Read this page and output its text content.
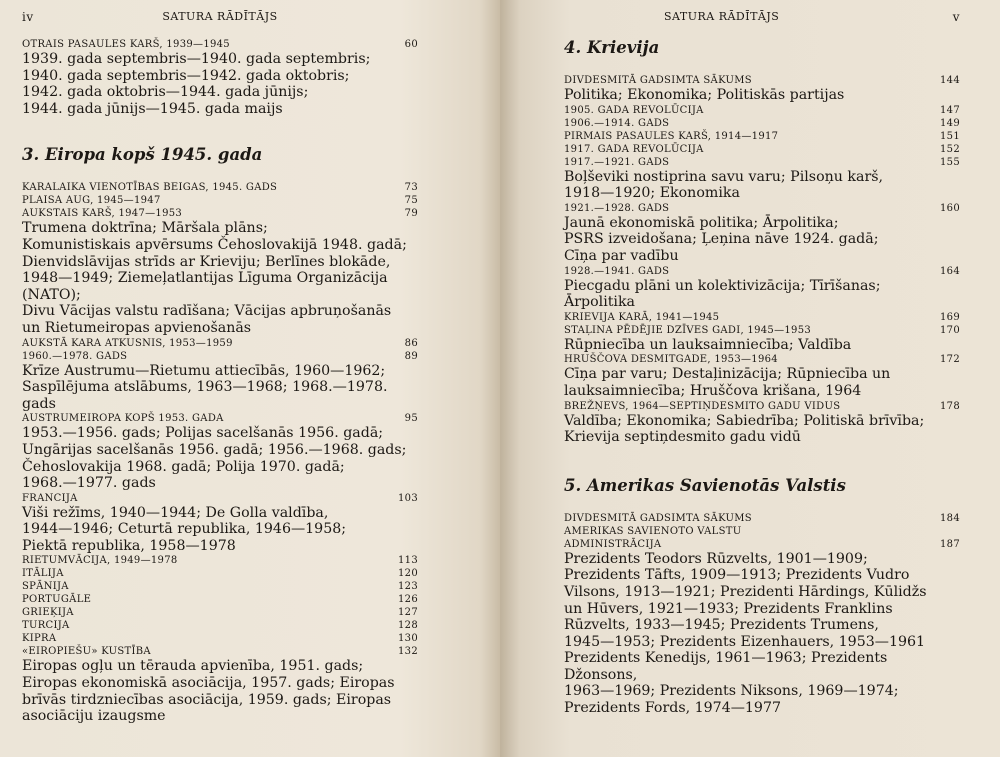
iv	SATURA RĀDĪTĀJS
OTRAIS PASAULES KARŠ, 1939—1945	60
1939. gada septembris—1940. gada septembris;
1940. gada septembris—1942. gada oktobris;
1942. gada oktobris—1944. gada jūnijs;
1944. gada jūnijs—1945. gada maijs
3. Eiropa kopš 1945. gada
KARALAIKA VIENOTĪBAS BEIGAS, 1945. GADS	73
PLAISA AUG, 1945—1947	75
AUKSTAIS KARŠ, 1947—1953	79
Trumena doktrīna; Māršala plāns;
Komunistiskais apvērsums Čehoslovakijā 1948. gadā;
Dienvidslāvijas strīds ar Krieviju; Berlīnes blokāde,
1948—1949; Ziemeļatlantijas Līguma Organizācija
(NATO);
Divu Vācijas valstu radīšana; Vācijas apbruņošanās
un Rietumeiropas apvienošanās
AUKSTĀ KARA ATKUSNIS, 1953—1959	86
1960.—1978. GADS	89
Krīze Austrumu—Rietumu attiecībās, 1960—1962;
Saspīlējuma atslābums, 1963—1968; 1968.—1978. gads
AUSTRUMEIROPA KOPŠ 1953. GADA	95
1953.—1956. gads; Polijas sacelšanās 1956. gadā;
Ungārijas sacelšanās 1956. gadā; 1956.—1968. gads;
Čehoslovakija 1968. gadā; Polija 1970. gadā;
1968.—1977. gads
FRANCIJA	103
Viši režīms, 1940—1944; De Golla valdība,
1944—1946; Ceturtā republika, 1946—1958;
Piektā republika, 1958—1978
RIETUMVĀCIJA, 1949—1978	113
ITĀLIJA	120
SPĀNIJA	123
PORTUGĀLE	126
GRIEĶIJA	127
TURCIJA	128
KIPRA	130
«EIROPIEŠU» KUSTĪBA	132
Eiropas ogļu un tērauda apvienība, 1951. gads;
Eiropas ekonomiskā asociācija, 1957. gads; Eiropas
brīvās tirdzniecības asociācija, 1959. gads; Eiropas
asociāciju izaugsme
SATURA RĀDĪTĀJS	v
4. Krievija
DIVDESMITĀ GADSIMTA SĀKUMS	144
Politika; Ekonomika; Politiskās partijas
1905. GADA REVOLŪCIJA	147
1906.—1914. GADS	149
PIRMAIS PASAULES KARŠ, 1914—1917	151
1917. GADA REVOLŪCIJA	152
1917.—1921. GADS	155
Boļševiki nostiprina savu varu; Pilsoņu karš,
1918—1920; Ekonomika
1921.—1928. GADS	160
Jaunā ekonomiskā politika; Ārpolitika;
PSRS izveidošana; Ļeņina nāve 1924. gadā;
Cīņa par vadību
1928.—1941. GADS	164
Piecgadu plāni un kolektivizācija; Tīrīšanas;
Ārpolitika
KRIEVIJA KARĀ, 1941—1945	169
STAĻINA PĒDĒJIE DZĪVES GADI, 1945—1953	170
Rūpniecība un lauksaimniecība; Valdība
HRUŠČOVA DESMITGADE, 1953—1964	172
Cīņa par varu; Destaļinizācija; Rūpniecība un
lauksaimniecība; Hruščova krišana, 1964
BREŽŅEVS, 1964—SEPTIŅDESMITO GADU VIDUS	178
Valdība; Ekonomika; Sabiedrība; Politiskā brīvība;
Krievija septiņdesmito gadu vidū
5. Amerikas Savienotās Valstis
DIVDESMITĀ GADSIMTA SĀKUMS	184
AMERIKAS SAVIENOTO VALSTU
ADMINISTRĀCIJA	187
Prezidents Teodors Rūzvelts, 1901—1909;
Prezidents Tāfts, 1909—1913; Prezidents Vudro
Vilsons, 1913—1921; Prezidenti Hārdings, Kūlidžs
un Hūvers, 1921—1933; Prezidents Franklins
Rūzvelts, 1933—1945; Prezidents Trumens,
1945—1953; Prezidents Eizenhauers, 1953—1961
Prezidents Kenedijs, 1961—1963; Prezidents Džonsons,
1963—1969; Prezidents Niksons, 1969—1974;
Prezidents Fords, 1974—1977
